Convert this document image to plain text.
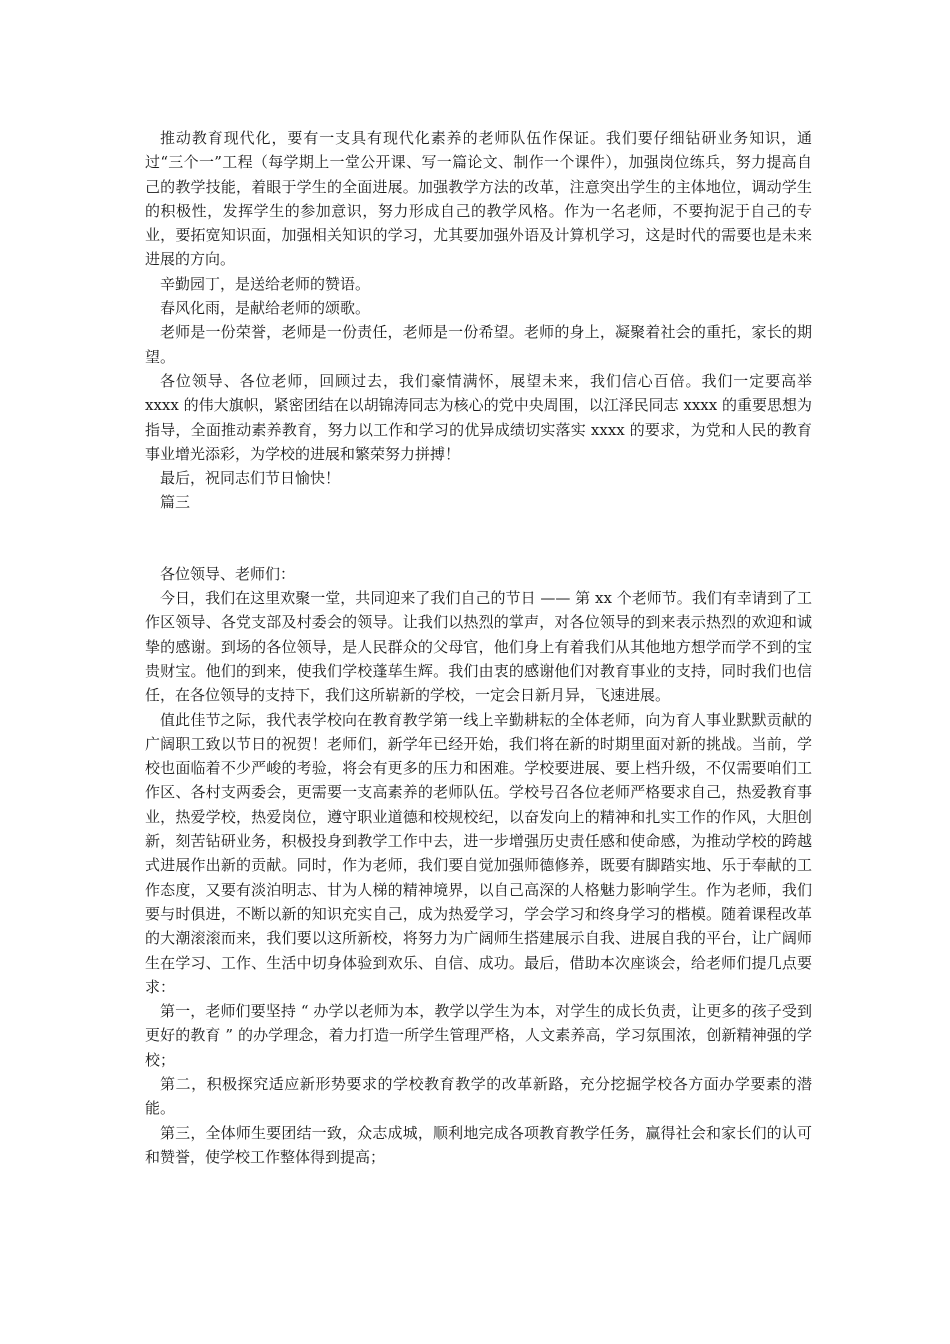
推动教育现代化，要有一支具有现代化素养的老师队伍作保证。我们要仔细钻研业务知识，通过“三个一”工程（每学期上一堂公开课、写一篇论文、制作一个课件），加强岗位练兵，努力提高自己的教学技能，着眼于学生的全面进展。加强教学方法的改革，注意突出学生的主体地位，调动学生的积极性，发挥学生的参加意识，努力形成自己的教学风格。作为一名老师，不要拘泥于自己的专业，要拓宽知识面，加强相关知识的学习，尤其要加强外语及计算机学习，这是时代的需要也是未来进展的方向。

辛勤园丁，是送给老师的赞语。

春风化雨，是献给老师的颂歌。

老师是一份荣誉，老师是一份责任，老师是一份希望。老师的身上，凝聚着社会的重托，家长的期望。

各位领导、各位老师，回顾过去，我们豪情满怀，展望未来，我们信心百倍。我们一定要高举 xxxx 的伟大旗帜，紧密团结在以胡锦涛同志为核心的党中央周围，以江泽民同志 xxxx 的重要思想为指导，全面推动素养教育，努力以工作和学习的优异成绩切实落实 xxxx 的要求，为党和人民的教育事业增光添彩，为学校的进展和繁荣努力拼搏！

最后，祝同志们节日愉快！

篇三

各位领导、老师们：

今日，我们在这里欢聚一堂，共同迎来了我们自己的节日 —— 第 xx 个老师节。我们有幸请到了工作区领导、各党支部及村委会的领导。让我们以热烈的掌声，对各位领导的到来表示热烈的欢迎和诚挚的感谢。到场的各位领导，是人民群众的父母官，他们身上有着我们从其他地方想学而学不到的宝贵财宝。他们的到来，使我们学校蓬荜生辉。我们由衷的感谢他们对教育事业的支持，同时我们也信任，在各位领导的支持下，我们这所崭新的学校，一定会日新月异，飞速进展。

值此佳节之际，我代表学校向在教育教学第一线上辛勤耕耘的全体老师，向为育人事业默默贡献的广阔职工致以节日的祝贺！老师们，新学年已经开始，我们将在新的时期里面对新的挑战。当前，学校也面临着不少严峻的考验，将会有更多的压力和困难。学校要进展、要上档升级，不仅需要咱们工作区、各村支两委会，更需要一支高素养的老师队伍。学校号召各位老师严格要求自己，热爱教育事业，热爱学校，热爱岗位，遵守职业道德和校规校纪，以奋发向上的精神和扎实工作的作风，大胆创新，刻苦钻研业务，积极投身到教学工作中去，进一步增强历史责任感和使命感，为推动学校的跨越式进展作出新的贡献。同时，作为老师，我们要自觉加强师德修养，既要有脚踏实地、乐于奉献的工作态度，又要有淡泊明志、甘为人梯的精神境界，以自己高深的人格魅力影响学生。作为老师，我们要与时俱进，不断以新的知识充实自己，成为热爱学习，学会学习和终身学习的楷模。随着课程改革的大潮滚滚而来，我们要以这所新校，将努力为广阔师生搭建展示自我、进展自我的平台，让广阔师生在学习、工作、生活中切身体验到欢乐、自信、成功。最后，借助本次座谈会，给老师们提几点要求：

第一，老师们要坚持 “ 办学以老师为本，教学以学生为本，对学生的成长负责，让更多的孩子受到更好的教育 ” 的办学理念，着力打造一所学生管理严格，人文素养高，学习氛围浓，创新精神强的学校；

第二，积极探究适应新形势要求的学校教育教学的改革新路，充分挖掘学校各方面办学要素的潜能。

第三，全体师生要团结一致，众志成城，顺利地完成各项教育教学任务，赢得社会和家长们的认可和赞誉，使学校工作整体得到提高；
